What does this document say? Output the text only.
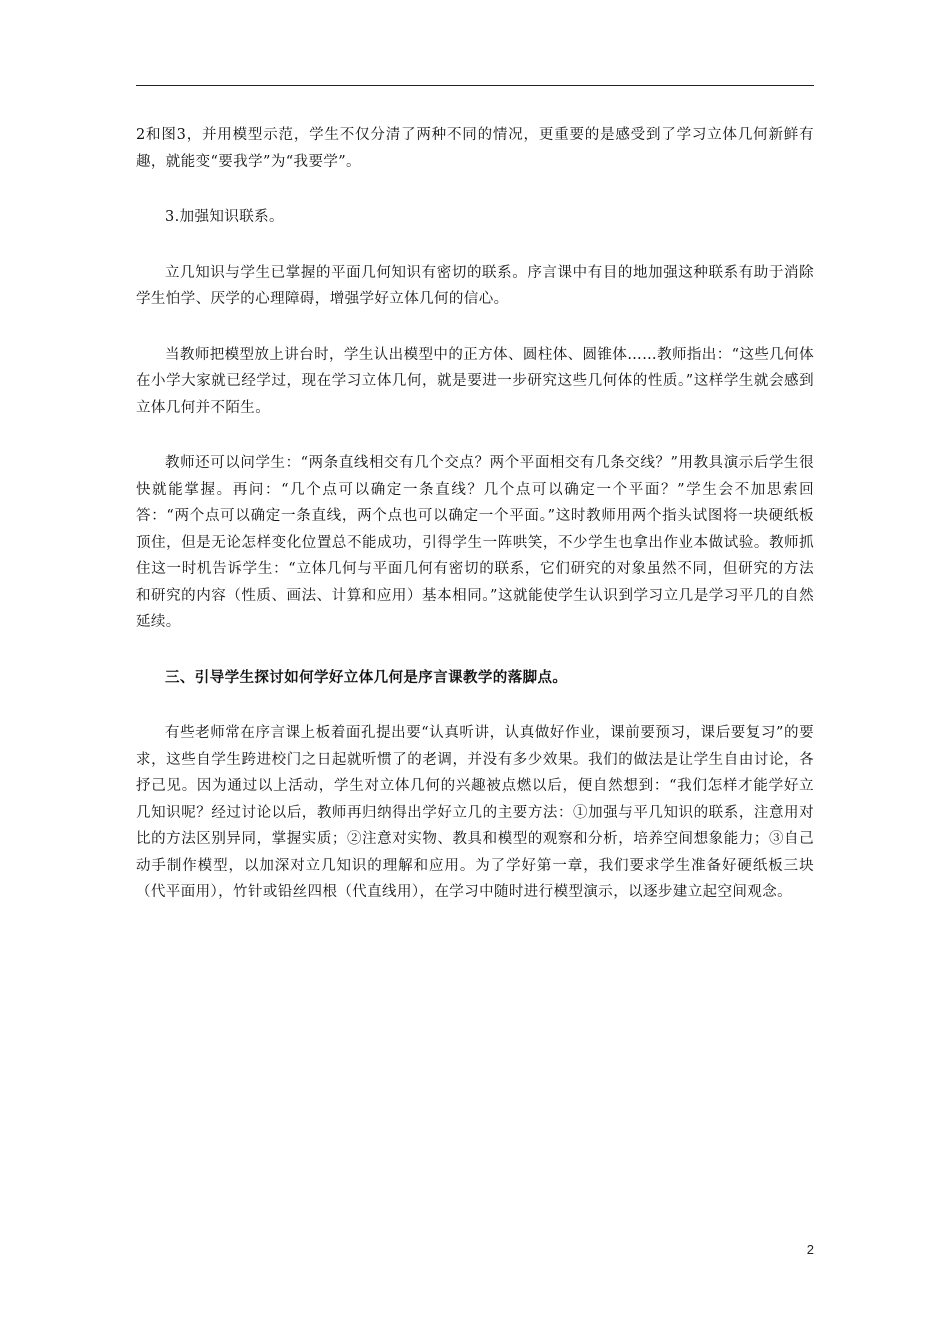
2和图3，并用模型示范，学生不仅分清了两种不同的情况，更重要的是感受到了学习立体几何新鲜有趣，就能变“要我学”为“我要学”。

3.加强知识联系。

立几知识与学生已掌握的平面几何知识有密切的联系。序言课中有目的地加强这种联系有助于消除学生怕学、厌学的心理障碍，增强学好立体几何的信心。

当教师把模型放上讲台时，学生认出模型中的正方体、圆柱体、圆锥体……教师指出：“这些几何体在小学大家就已经学过，现在学习立体几何，就是要进一步研究这些几何体的性质。”这样学生就会感到立体几何并不陌生。

教师还可以问学生：“两条直线相交有几个交点？两个平面相交有几条交线？”用教具演示后学生很快就能掌握。再问：“几个点可以确定一条直线？几个点可以确定一个平面？”学生会不加思索回答：“两个点可以确定一条直线，两个点也可以确定一个平面。”这时教师用两个指头试图将一块硬纸板顶住，但是无论怎样变化位置总不能成功，引得学生一阵哄笑，不少学生也拿出作业本做试验。教师抓住这一时机告诉学生：“立体几何与平面几何有密切的联系，它们研究的对象虽然不同，但研究的方法和研究的内容（性质、画法、计算和应用）基本相同。”这就能使学生认识到学习立几是学习平几的自然延续。

三、引导学生探讨如何学好立体几何是序言课教学的落脚点。

有些老师常在序言课上板着面孔提出要“认真听讲，认真做好作业，课前要预习，课后要复习”的要求，这些自学生跨进校门之日起就听惯了的老调，并没有多少效果。我们的做法是让学生自由讨论，各抒己见。因为通过以上活动，学生对立体几何的兴趣被点燃以后，便自然想到：“我们怎样才能学好立几知识呢？经过讨论以后，教师再归纳得出学好立几的主要方法：①加强与平几知识的联系，注意用对比的方法区别异同，掌握实质；②注意对实物、教具和模型的观察和分析，培养空间想象能力；③自己动手制作模型，以加深对立几知识的理解和应用。为了学好第一章，我们要求学生准备好硬纸板三块（代平面用），竹针或铅丝四根（代直线用），在学习中随时进行模型演示，以逐步建立起空间观念。

2
